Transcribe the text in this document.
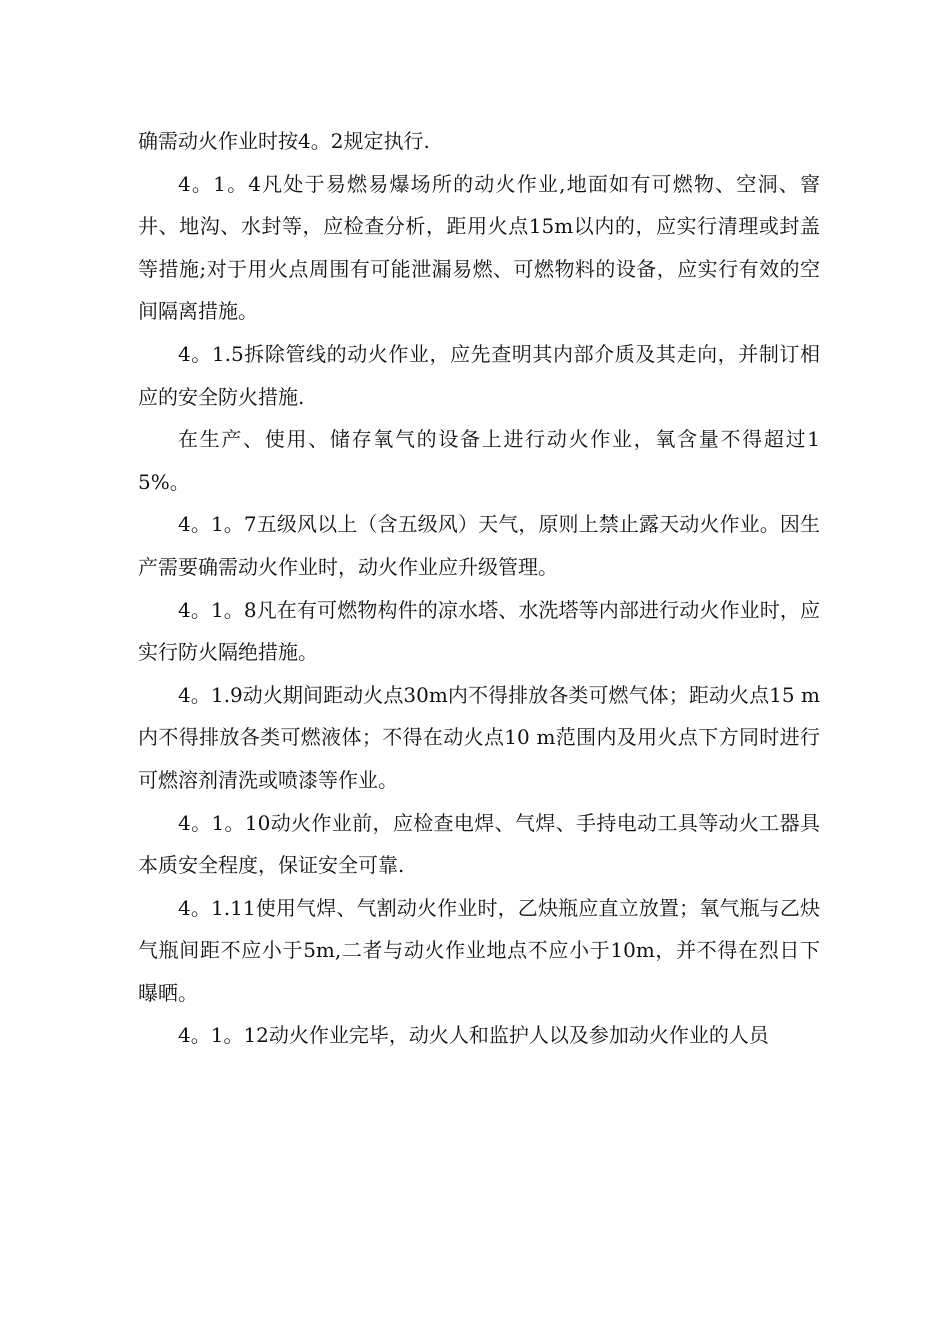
确需动火作业时按4。2规定执行.

4。1。4凡处于易燃易爆场所的动火作业,地面如有可燃物、空洞、窨井、地沟、水封等，应检查分析，距用火点15m以内的，应实行清理或封盖等措施;对于用火点周围有可能泄漏易燃、可燃物料的设备，应实行有效的空间隔离措施。

4。1.5拆除管线的动火作业，应先查明其内部介质及其走向，并制订相应的安全防火措施.

在生产、使用、储存氧气的设备上进行动火作业，氧含量不得超过15%。

4。1。7五级风以上（含五级风）天气，原则上禁止露天动火作业。因生产需要确需动火作业时，动火作业应升级管理。

4。1。8凡在有可燃物构件的凉水塔、水洗塔等内部进行动火作业时，应实行防火隔绝措施。

4。1.9动火期间距动火点30m内不得排放各类可燃气体；距动火点15 m内不得排放各类可燃液体；不得在动火点10 m范围内及用火点下方同时进行可燃溶剂清洗或喷漆等作业。

4。1。10动火作业前，应检查电焊、气焊、手持电动工具等动火工器具本质安全程度，保证安全可靠.

4。1.11使用气焊、气割动火作业时，乙炔瓶应直立放置；氧气瓶与乙炔气瓶间距不应小于5m,二者与动火作业地点不应小于10m，并不得在烈日下曝晒。

4。1。12动火作业完毕，动火人和监护人以及参加动火作业的人员
